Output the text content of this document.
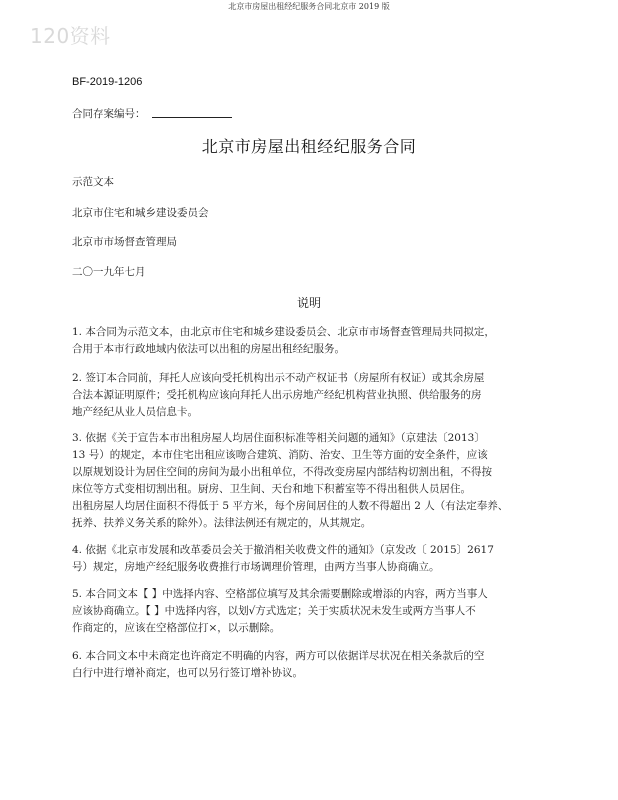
北京市房屋出租经纪服务合同北京市 2019 版
120资料
BF-2019-1206
合同存案编号：
北京市房屋出租经纪服务合同
示范文本
北京市住宅和城乡建设委员会
北京市市场督查管理局
二〇一九年七月
说明

1. 本合同为示范文本，由北京市住宅和城乡建设委员会、北京市市场督查管理局共同拟定，

合用于本市行政地域内依法可以出租的房屋出租经纪服务。

2. 签订本合同前，拜托人应该向受托机构出示不动产权证书（房屋所有权证）或其余房屋

合法本源证明原件；受托机构应该向拜托人出示房地产经纪机构营业执照、供给服务的房

地产经纪从业人员信息卡。

3. 依据《关于宣告本市出租房屋人均居住面积标准等相关问题的通知》（京建法〔2013〕

13 号）的规定，本市住宅出租应该吻合建筑、消防、治安、卫生等方面的安全条件，应该

以原规划设计为居住空间的房间为最小出租单位，不得改变房屋内部结构切割出租，不得按

床位等方式变相切割出租。厨房、卫生间、天台和地下积蓄室等不得出租供人员居住。

出租房屋人均居住面积不得低于 5 平方米，每个房间居住的人数不得超出 2 人（有法定奉养、

抚养、扶养义务关系的除外）。法律法例还有规定的，从其规定。

4. 依据《北京市发展和改革委员会关于撤消相关收费文件的通知》（京发改〔 2015〕2617

号）规定，房地产经纪服务收费推行市场调理价管理，由两方当事人协商确立。

5. 本合同文本【 】中选择内容、空格部位填写及其余需要删除或增添的内容，两方当事人

应该协商确立。【 】中选择内容，以划√方式选定；关于实质状况未发生或两方当事人不

作商定的，应该在空格部位打×，以示删除。

6. 本合同文本中未商定也许商定不明确的内容，两方可以依据详尽状况在相关条款后的空

白行中进行增补商定，也可以另行签订增补协议。
